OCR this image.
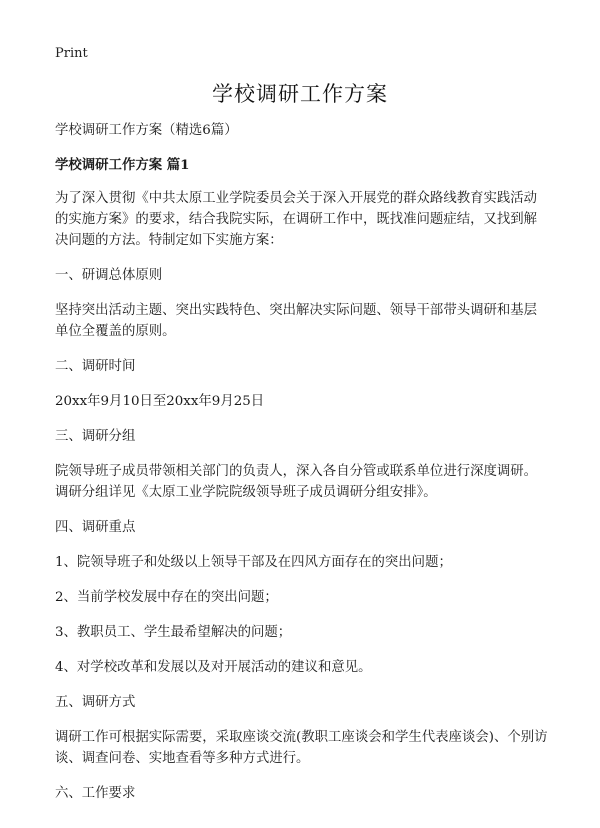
Print
学校调研工作方案

学校调研工作方案（精选6篇）

学校调研工作方案 篇1

为了深入贯彻《中共太原工业学院委员会关于深入开展党的群众路线教育实践活动的实施方案》的要求，结合我院实际，在调研工作中，既找准问题症结，又找到解决问题的方法。特制定如下实施方案：

一、研调总体原则

坚持突出活动主题、突出实践特色、突出解决实际问题、领导干部带头调研和基层单位全覆盖的原则。

二、调研时间

20xx年9月10日至20xx年9月25日

三、调研分组

院领导班子成员带领相关部门的负责人，深入各自分管或联系单位进行深度调研。调研分组详见《太原工业学院院级领导班子成员调研分组安排》。

四、调研重点

1、院领导班子和处级以上领导干部及在四风方面存在的突出问题；

2、当前学校发展中存在的突出问题；

3、教职员工、学生最希望解决的问题；

4、对学校改革和发展以及对开展活动的建议和意见。

五、调研方式

调研工作可根据实际需要，采取座谈交流(教职工座谈会和学生代表座谈会)、个别访谈、调查问卷、实地查看等多种方式进行。

六、工作要求
